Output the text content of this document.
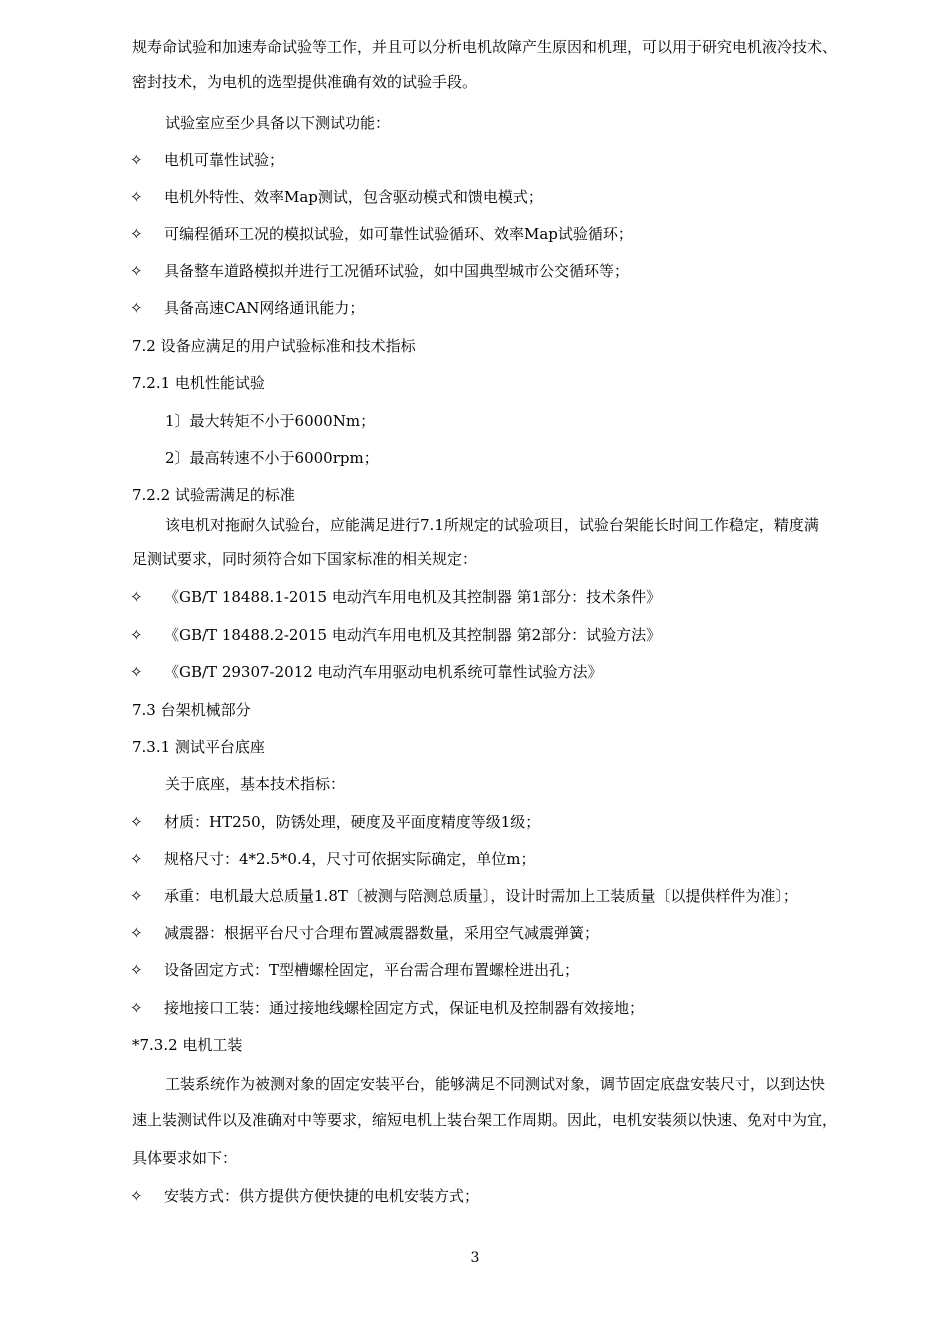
规寿命试验和加速寿命试验等工作，并且可以分析电机故障产生原因和机理，可以用于研究电机液冷技术、
密封技术，为电机的选型提供准确有效的试验手段。
试验室应至少具备以下测试功能：
✧ 电机可靠性试验；
✧ 电机外特性、效率Map测试，包含驱动模式和馈电模式；
✧ 可编程循环工况的模拟试验，如可靠性试验循环、效率Map试验循环；
✧ 具备整车道路模拟并进行工况循环试验，如中国典型城市公交循环等；
✧ 具备高速CAN网络通讯能力；
7.2 设备应满足的用户试验标准和技术指标
7.2.1 电机性能试验
1〕最大转矩不小于6000Nm；
2〕最高转速不小于6000rpm；
7.2.2 试验需满足的标准
该电机对拖耐久试验台，应能满足进行7.1所规定的试验项目，试验台架能长时间工作稳定，精度满
足测试要求，同时须符合如下国家标准的相关规定：
✧ 《GB/T 18488.1-2015 电动汽车用电机及其控制器 第1部分：技术条件》
✧ 《GB/T 18488.2-2015 电动汽车用电机及其控制器 第2部分：试验方法》
✧ 《GB/T 29307-2012 电动汽车用驱动电机系统可靠性试验方法》
7.3 台架机械部分
7.3.1 测试平台底座
关于底座，基本技术指标：
✧ 材质：HT250，防锈处理，硬度及平面度精度等级1级；
✧ 规格尺寸：4*2.5*0.4，尺寸可依据实际确定，单位m；
✧ 承重：电机最大总质量1.8T〔被测与陪测总质量〕，设计时需加上工装质量〔以提供样件为准〕；
✧ 减震器：根据平台尺寸合理布置减震器数量，采用空气减震弹簧；
✧ 设备固定方式：T型槽螺栓固定，平台需合理布置螺栓进出孔；
✧ 接地接口工装：通过接地线螺栓固定方式，保证电机及控制器有效接地；
*7.3.2 电机工装
工装系统作为被测对象的固定安装平台，能够满足不同测试对象，调节固定底盘安装尺寸，以到达快
速上装测试件以及准确对中等要求，缩短电机上装台架工作周期。因此，电机安装须以快速、免对中为宜，
具体要求如下：
✧ 安装方式：供方提供方便快捷的电机安装方式；
3
